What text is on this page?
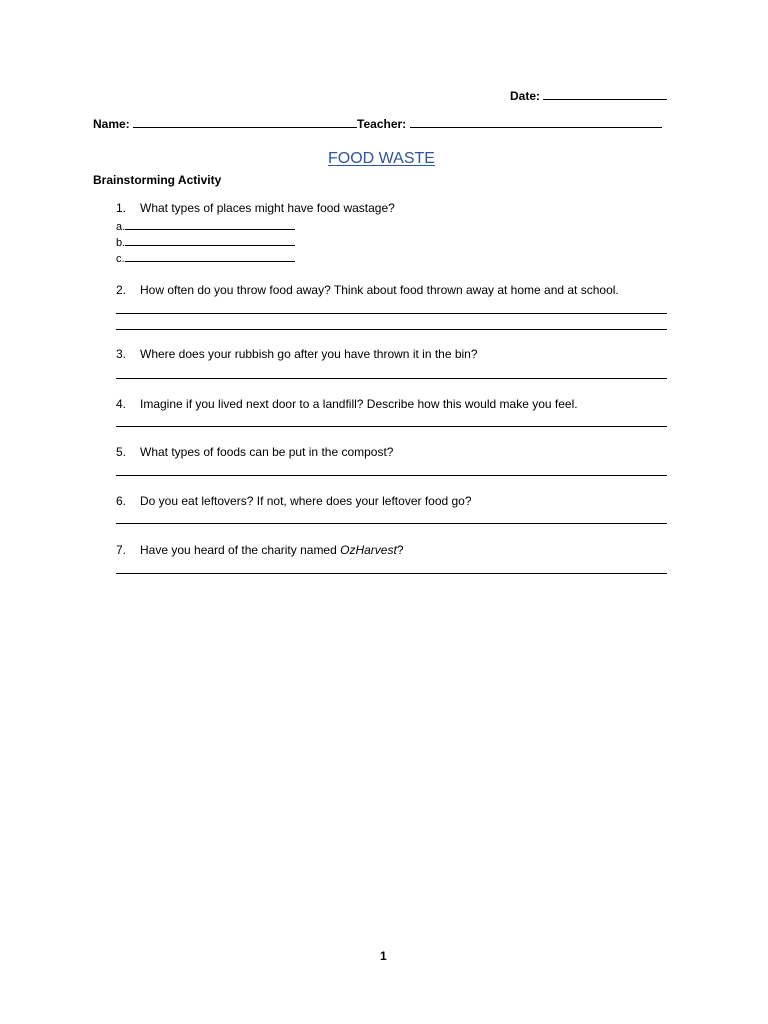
Date:
Name:	Teacher:
FOOD WASTE
Brainstorming Activity
1. What types of places might have food wastage?
a.
b.
c.
2. How often do you throw food away? Think about food thrown away at home and at school.
3. Where does your rubbish go after you have thrown it in the bin?
4. Imagine if you lived next door to a landfill? Describe how this would make you feel.
5. What types of foods can be put in the compost?
6. Do you eat leftovers? If not, where does your leftover food go?
7. Have you heard of the charity named OzHarvest?
1
